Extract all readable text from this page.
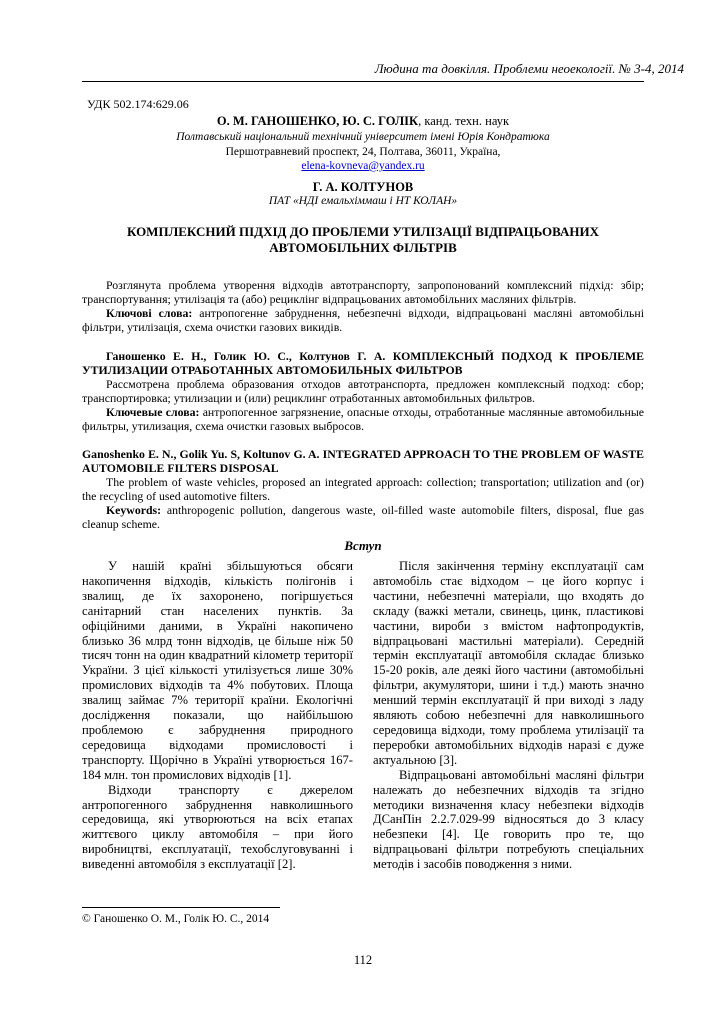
Людина та довкілля. Проблеми неоекології. № 3-4, 2014
УДК 502.174:629.06
О. М. ГАНОШЕНКО, Ю. С. ГОЛІК, канд. техн. наук
Полтавський національний технічний університет імені Юрія Кондратюка
Першотравневий проспект, 24, Полтава, 36011, Україна,
elena-kovneva@yandex.ru
Г. А. КОЛТУНОВ
ПАТ «НДІ емальхіммаш і НТ КОЛАН»
КОМПЛЕКСНИЙ ПІДХІД ДО ПРОБЛЕМИ УТИЛІЗАЦІЇ ВІДПРАЦЬОВАНИХ АВТОМОБІЛЬНИХ ФІЛЬТРІВ
Розглянута проблема утворення відходів автотранспорту, запропонований комплексний підхід: збір; транспортування; утилізація та (або) рециклінг відпрацьованих автомобільних масляних фільтрів.
Ключові слова: антропогенне забруднення, небезпечні відходи, відпрацьовані масляні автомобільні фільтри, утилізація, схема очистки газових викидів.
Ганошенко Е. Н., Голик Ю. С., Колтунов Г. А. КОМПЛЕКСНЫЙ ПОДХОД К ПРОБЛЕМЕ УТИЛИЗАЦИИ ОТРАБОТАННЫХ АВТОМОБИЛЬНЫХ ФИЛЬТРОВ
Рассмотрена проблема образования отходов автотранспорта, предложен комплексный подход: сбор; транспортировка; утилизации и (или) рециклинг отработанных автомобильных фильтров.
Ключевые слова: антропогенное загрязнение, опасные отходы, отработанные маслянные автомобильные фильтры, утилизация, схема очистки газовых выбросов.
Ganoshenko E. N., Golik Yu. S, Koltunov G. A. INTEGRATED APPROACH TO THE PROBLEM OF WASTE AUTOMOBILE FILTERS DISPOSAL
The problem of waste vehicles, proposed an integrated approach: collection; transportation; utilization and (or) the recycling of used automotive filters.
Keywords: anthropogenic pollution, dangerous waste, oil-filled waste automobile filters, disposal, flue gas cleanup scheme.
Вступ

У нашій країні збільшуються обсяги накопичення відходів, кількість полігонів і звалищ, де їх захоронено, погіршується санітарний стан населених пунктів. За офіційними даними, в Україні накопичено близько 36 млрд тонн відходів, це більше ніж 50 тисяч тонн на один квадратний кілометр території України. З цієї кількості утилізується лише 30% промислових відходів та 4% побутових. Площа звалищ займає 7% території країни. Екологічні дослідження показали, що найбільшою проблемою є забруднення природного середовища відходами промисловості і транспорту. Щорічно в Україні утворюється 167-184 млн. тон промислових відходів [1].

Відходи транспорту є джерелом антропогенного забруднення навколишнього середовища, які утворюються на всіх етапах життєвого циклу автомобіля – при його виробництві, експлуатації, техобслуговуванні і виведенні автомобіля з експлуатації [2].

Після закінчення терміну експлуатації сам автомобіль стає відходом – це його корпус і частини, небезпечні матеріали, що входять до складу (важкі метали, свинець, цинк, пластикові частини, вироби з вмістом нафтопродуктів, відпрацьовані мастильні матеріали). Середній термін експлуатації автомобіля складає близько 15-20 років, але деякі його частини (автомобільні фільтри, акумулятори, шини і т.д.) мають значно менший термін експлуатації й при виході з ладу являють собою небезпечні для навколишнього середовища відходи, тому проблема утилізації та переробки автомобільних відходів наразі є дуже актуальною [3].

Відпрацьовані автомобільні масляні фільтри належать до небезпечних відходів та згідно методики визначення класу небезпеки відходів ДСанПін 2.2.7.029-99 відносяться до 3 класу небезпеки [4]. Це говорить про те, що відпрацьовані фільтри потребують спеціальних методів і засобів поводження з ними.

© Ганошенко О. М., Голік Ю. С., 2014
112
